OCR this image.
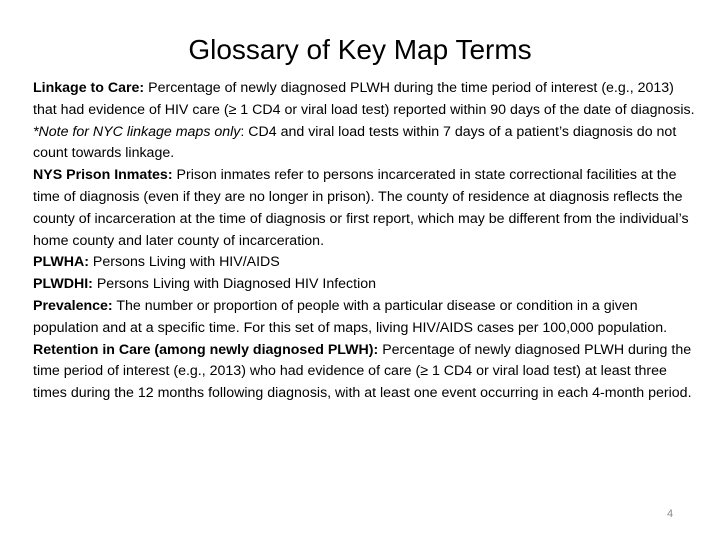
Glossary of Key Map Terms

Linkage to Care: Percentage of newly diagnosed PLWH during the time period of interest (e.g., 2013) that had evidence of HIV care (≥ 1 CD4 or viral load test) reported within 90 days of the date of diagnosis. *Note for NYC linkage maps only: CD4 and viral load tests within 7 days of a patient’s diagnosis do not count towards linkage.

NYS Prison Inmates: Prison inmates refer to persons incarcerated in state correctional facilities at the time of diagnosis (even if they are no longer in prison). The county of residence at diagnosis reflects the county of incarceration at the time of diagnosis or first report, which may be different from the individual’s home county and later county of incarceration.

PLWHA: Persons Living with HIV/AIDS

PLWDHI: Persons Living with Diagnosed HIV Infection

Prevalence: The number or proportion of people with a particular disease or condition in a given population and at a specific time. For this set of maps, living HIV/AIDS cases per 100,000 population.

Retention in Care (among newly diagnosed PLWH): Percentage of newly diagnosed PLWH during the time period of interest (e.g., 2013) who had evidence of care (≥ 1 CD4 or viral load test) at least three times during the 12 months following diagnosis, with at least one event occurring in each 4-month period.

4
